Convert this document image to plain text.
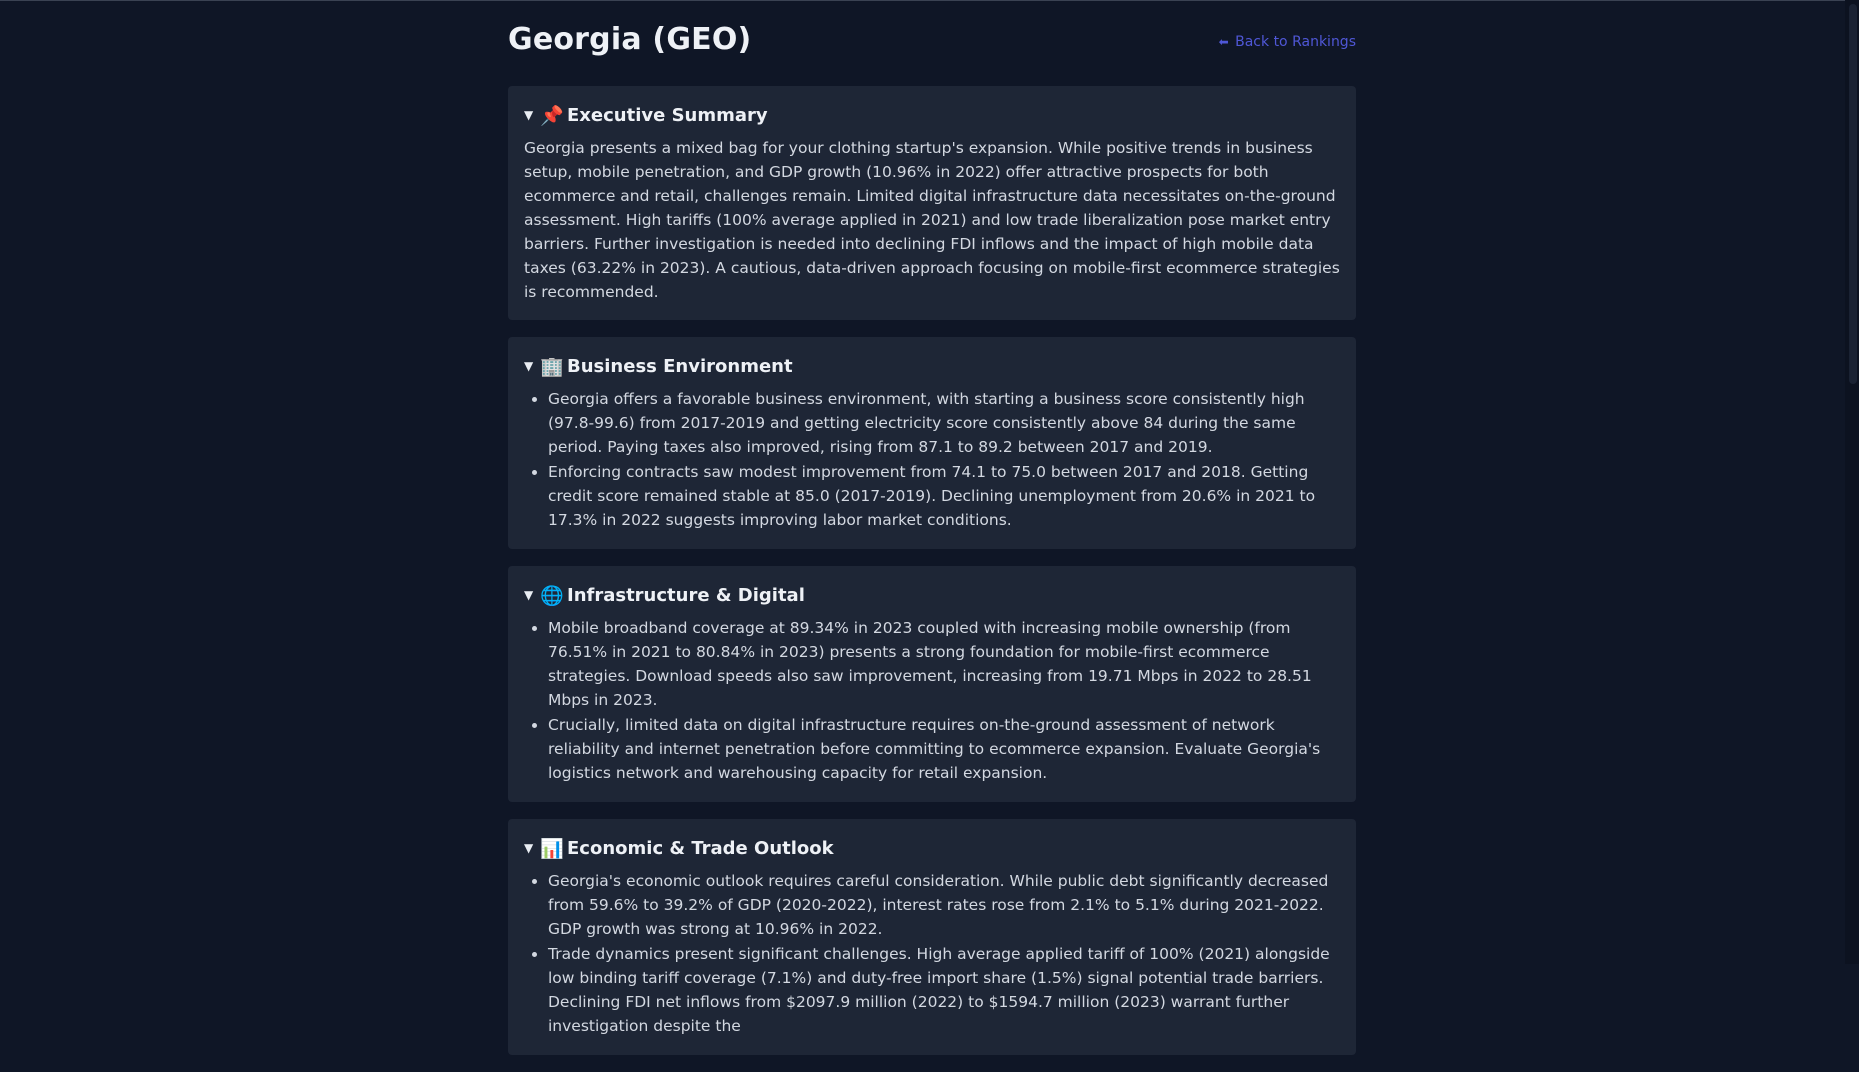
Georgia (GEO)	⬅ Back to Rankings
▼ 📌 Executive Summary

Georgia presents a mixed bag for your clothing startup's expansion. While positive trends in business setup, mobile penetration, and GDP growth (10.96% in 2022) offer attractive prospects for both ecommerce and retail, challenges remain. Limited digital infrastructure data necessitates on-the-ground assessment. High tariffs (100% average applied in 2021) and low trade liberalization pose market entry barriers. Further investigation is needed into declining FDI inflows and the impact of high mobile data taxes (63.22% in 2023). A cautious, data-driven approach focusing on mobile-first ecommerce strategies is recommended.

▼ 🏢 Business Environment
• Georgia offers a favorable business environment, with starting a business score consistently high (97.8-99.6) from 2017-2019 and getting electricity score consistently above 84 during the same period. Paying taxes also improved, rising from 87.1 to 89.2 between 2017 and 2019.
• Enforcing contracts saw modest improvement from 74.1 to 75.0 between 2017 and 2018. Getting credit score remained stable at 85.0 (2017-2019). Declining unemployment from 20.6% in 2021 to 17.3% in 2022 suggests improving labor market conditions.
▼ 🌐 Infrastructure & Digital
• Mobile broadband coverage at 89.34% in 2023 coupled with increasing mobile ownership (from 76.51% in 2021 to 80.84% in 2023) presents a strong foundation for mobile-first ecommerce strategies. Download speeds also saw improvement, increasing from 19.71 Mbps in 2022 to 28.51 Mbps in 2023.
• Crucially, limited data on digital infrastructure requires on-the-ground assessment of network reliability and internet penetration before committing to ecommerce expansion. Evaluate Georgia's logistics network and warehousing capacity for retail expansion.
▼ 📊 Economic & Trade Outlook
• Georgia's economic outlook requires careful consideration. While public debt significantly decreased from 59.6% to 39.2% of GDP (2020-2022), interest rates rose from 2.1% to 5.1% during 2021-2022. GDP growth was strong at 10.96% in 2022.
• Trade dynamics present significant challenges. High average applied tariff of 100% (2021) alongside low binding tariff coverage (7.1%) and duty-free import share (1.5%) signal potential trade barriers. Declining FDI net inflows from $2097.9 million (2022) to $1594.7 million (2023) warrant further investigation despite the
